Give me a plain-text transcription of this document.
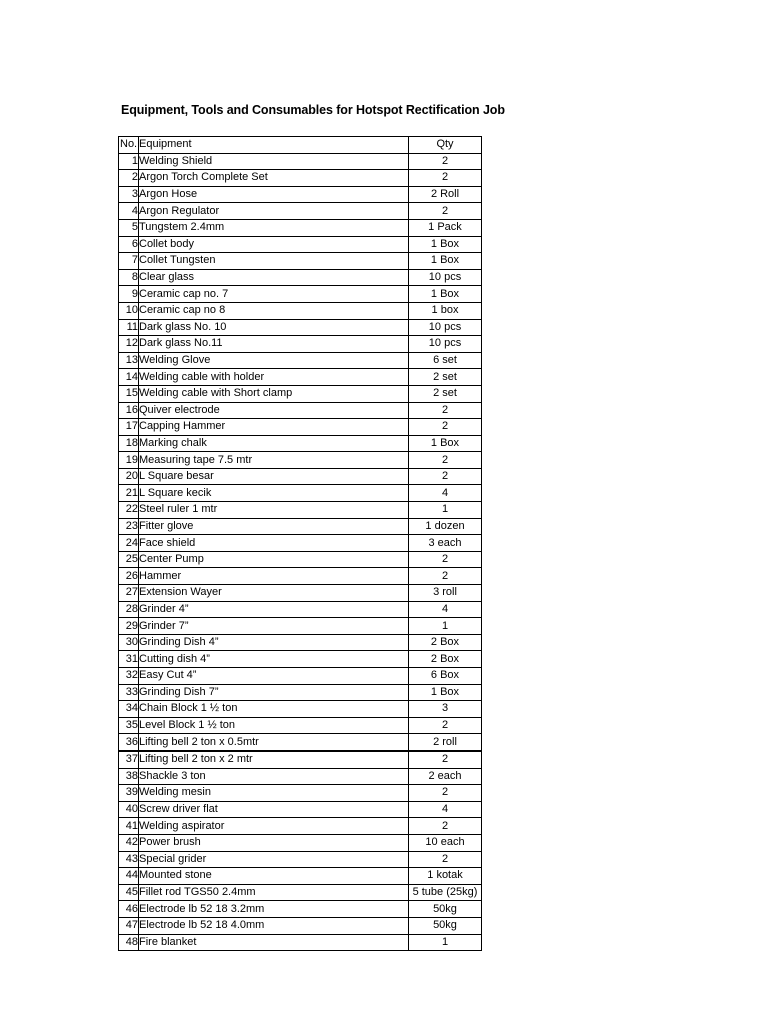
Equipment, Tools and Consumables for Hotspot Rectification Job
No.	Equipment	Qty
1	Welding Shield	2
2	Argon Torch Complete Set	2
3	Argon Hose	2 Roll
4	Argon Regulator	2
5	Tungstem 2.4mm	1 Pack
6	Collet body	1 Box
7	Collet Tungsten	1 Box
8	Clear glass	10 pcs
9	Ceramic cap no. 7	1 Box
10	Ceramic cap no 8	1 box
11	Dark glass No. 10	10 pcs
12	Dark glass No.11	10 pcs
13	Welding Glove	6 set
14	Welding cable with holder	2 set
15	Welding cable with Short clamp	2 set
16	Quiver electrode	2
17	Capping Hammer	2
18	Marking chalk	1 Box
19	Measuring tape 7.5 mtr	2
20	L Square besar	2
21	L Square kecik	4
22	Steel ruler 1 mtr	1
23	Fitter glove	1 dozen
24	Face shield	3 each
25	Center Pump	2
26	Hammer	2
27	Extension Wayer	3 roll
28	Grinder 4”	4
29	Grinder 7”	1
30	Grinding Dish 4”	2 Box
31	Cutting dish 4”	2 Box
32	Easy Cut 4”	6 Box
33	Grinding Dish 7”	1 Box
34	Chain Block 1 ½ ton	3
35	Level Block 1 ½ ton	2
36	Lifting bell 2 ton x 0.5mtr	2 roll
37	Lifting bell 2 ton x 2 mtr	2
38	Shackle 3 ton	2 each
39	Welding mesin	2
40	Screw driver flat	4
41	Welding aspirator	2
42	Power brush	10 each
43	Special grider	2
44	Mounted stone	1 kotak
45	Fillet rod TGS50 2.4mm	5 tube (25kg)
46	Electrode lb 52 18 3.2mm	50kg
47	Electrode lb 52 18 4.0mm	50kg
48	Fire blanket	1
